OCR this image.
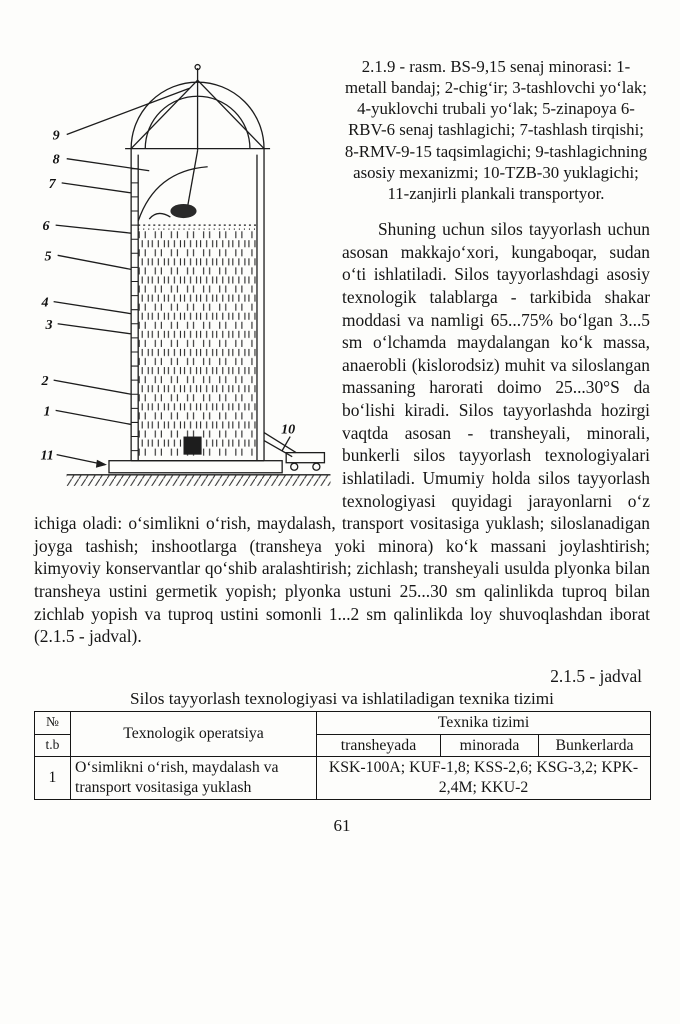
9
8
7
6
5
4
3
2
1
11
10

2.1.9 - rasm. BS-9,15 senaj minorasi: 1-metall bandaj; 2-chig‘ir; 3-tashlovchi yo‘lak; 4-yuklovchi trubali yo‘lak; 5-zinapoya 6-RBV-6 senaj tashlagichi; 7-tashlash tirqishi; 8-RMV-9-15 taqsimlagichi; 9-tashlagichning asosiy mexanizmi; 10-TZB-30 yuklagichi; 11-zanjirli plankali transportyor.

Shuning uchun silos tayyorlash uchun asosan makkajo‘xori, kungaboqar, sudan o‘ti ishlatiladi. Silos tayyorlashdagi asosiy texnologik talablarga - tarkibida shakar moddasi va namligi 65...75% bo‘lgan 3...5 sm o‘lchamda maydalangan ko‘k massa, anaerobli (kislorodsiz) muhit va siloslangan massaning harorati doimo 25...30°S da bo‘lishi kiradi. Silos tayyorlashda hozirgi vaqtda asosan - transheyali, minorali, bunkerli silos tayyorlash texnologiyalari ishlatiladi. Umumiy holda silos tayyorlash texnologiyasi quyidagi jarayonlarni o‘z ichiga oladi: o‘simlikni o‘rish, maydalash, transport vositasiga yuklash; siloslanadigan joyga tashish; inshootlarga (transheya yoki minora) ko‘k massani joylashtirish; kimyoviy konservantlar qo‘shib aralashtirish; zichlash; transheyali usulda plyonka bilan transheya ustini germetik yopish; plyonka ustuni 25...30 sm qalinlikda tuproq bilan zichlab yopish va tuproq ustini somonli 1...2 sm qalinlikda loy shuvoqlashdan iborat (2.1.5 - jadval).

2.1.5 - jadval

Silos tayyorlash texnologiyasi va ishlatiladigan texnika tizimi

№	Texnologik operatsiya	Texnika tizimi		
t.b		transheyada	minorada	Bunkerlarda
1	O‘simlikni o‘rish, maydalash va transport vositasiga yuklash	KSK-100A; KUF-1,8; KSS-2,6; KSG-3,2; KPK-2,4M; KKU-2		

61
